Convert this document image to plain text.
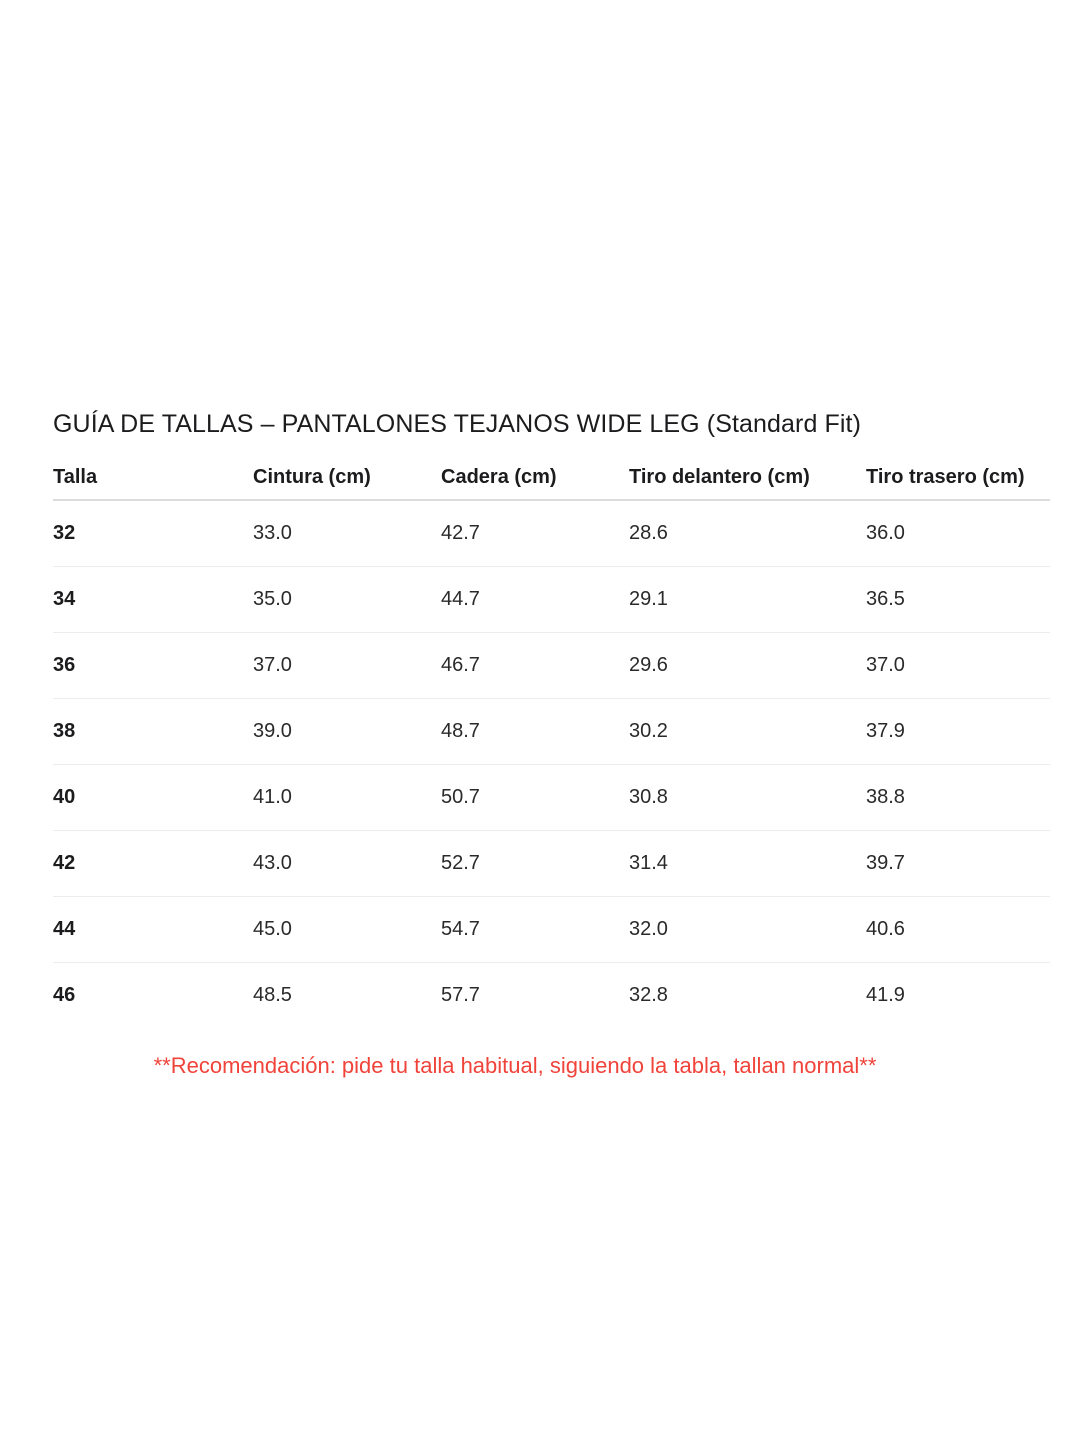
GUÍA DE TALLAS – PANTALONES TEJANOS WIDE LEG (Standard Fit)
Talla	Cintura (cm)	Cadera (cm)	Tiro delantero (cm)	Tiro trasero (cm)
32	33.0	42.7	28.6	36.0
34	35.0	44.7	29.1	36.5
36	37.0	46.7	29.6	37.0
38	39.0	48.7	30.2	37.9
40	41.0	50.7	30.8	38.8
42	43.0	52.7	31.4	39.7
44	45.0	54.7	32.0	40.6
46	48.5	57.7	32.8	41.9
**Recomendación: pide tu talla habitual, siguiendo la tabla, tallan normal**
